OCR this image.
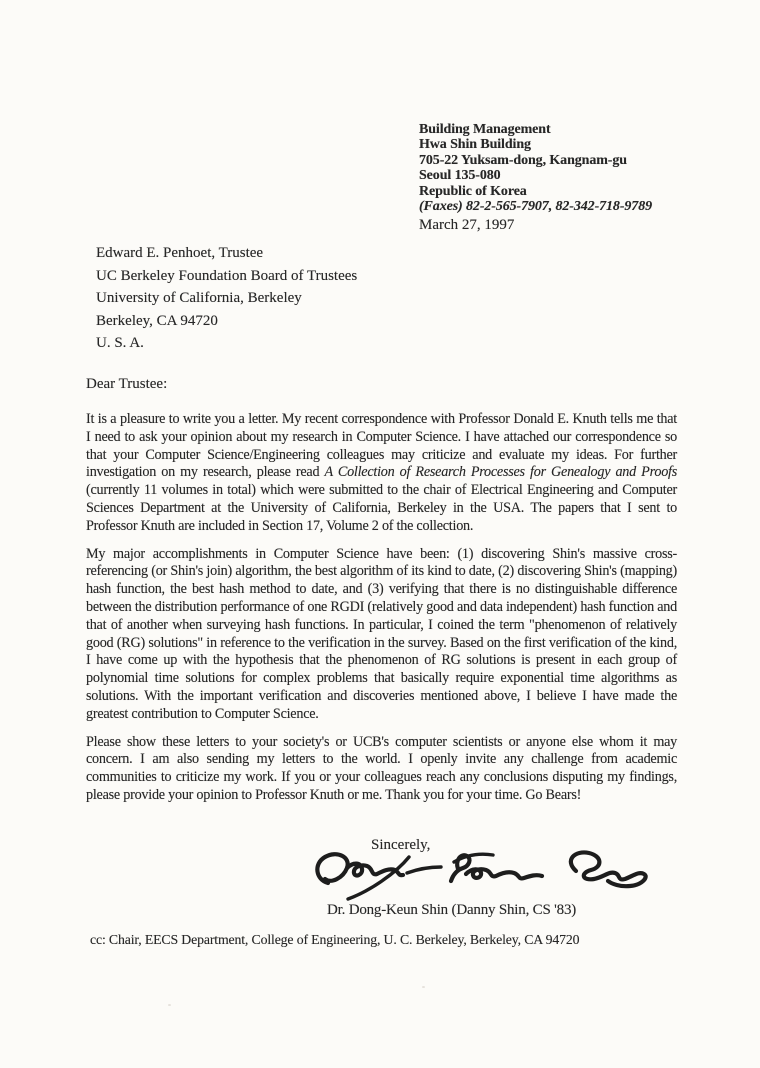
Building Management
Hwa Shin Building
705-22 Yuksam-dong, Kangnam-gu
Seoul 135-080
Republic of Korea
(Faxes) 82-2-565-7907, 82-342-718-9789
March 27, 1997
Edward E. Penhoet, Trustee
UC Berkeley Foundation Board of Trustees
University of California, Berkeley
Berkeley, CA 94720
U. S. A.
Dear Trustee:

It is a pleasure to write you a letter. My recent correspondence with Professor Donald E. Knuth tells me that I need to ask your opinion about my research in Computer Science. I have attached our correspondence so that your Computer Science/Engineering colleagues may criticize and evaluate my ideas. For further investigation on my research, please read A Collection of Research Processes for Genealogy and Proofs (currently 11 volumes in total) which were submitted to the chair of Electrical Engineering and Computer Sciences Department at the University of California, Berkeley in the USA. The papers that I sent to Professor Knuth are included in Section 17, Volume 2 of the collection.

My major accomplishments in Computer Science have been: (1) discovering Shin's massive cross-referencing (or Shin's join) algorithm, the best algorithm of its kind to date, (2) discovering Shin's (mapping) hash function, the best hash method to date, and (3) verifying that there is no distinguishable difference between the distribution performance of one RGDI (relatively good and data independent) hash function and that of another when surveying hash functions. In particular, I coined the term "phenomenon of relatively good (RG) solutions" in reference to the verification in the survey. Based on the first verification of the kind, I have come up with the hypothesis that the phenomenon of RG solutions is present in each group of polynomial time solutions for complex problems that basically require exponential time algorithms as solutions. With the important verification and discoveries mentioned above, I believe I have made the greatest contribution to Computer Science.

Please show these letters to your society's or UCB's computer scientists or anyone else whom it may concern. I am also sending my letters to the world. I openly invite any challenge from academic communities to criticize my work. If you or your colleagues reach any conclusions disputing my findings, please provide your opinion to Professor Knuth or me. Thank you for your time. Go Bears!

Sincerely,
Dr. Dong-Keun Shin (Danny Shin, CS '83)
cc: Chair, EECS Department, College of Engineering, U. C. Berkeley, Berkeley, CA 94720
